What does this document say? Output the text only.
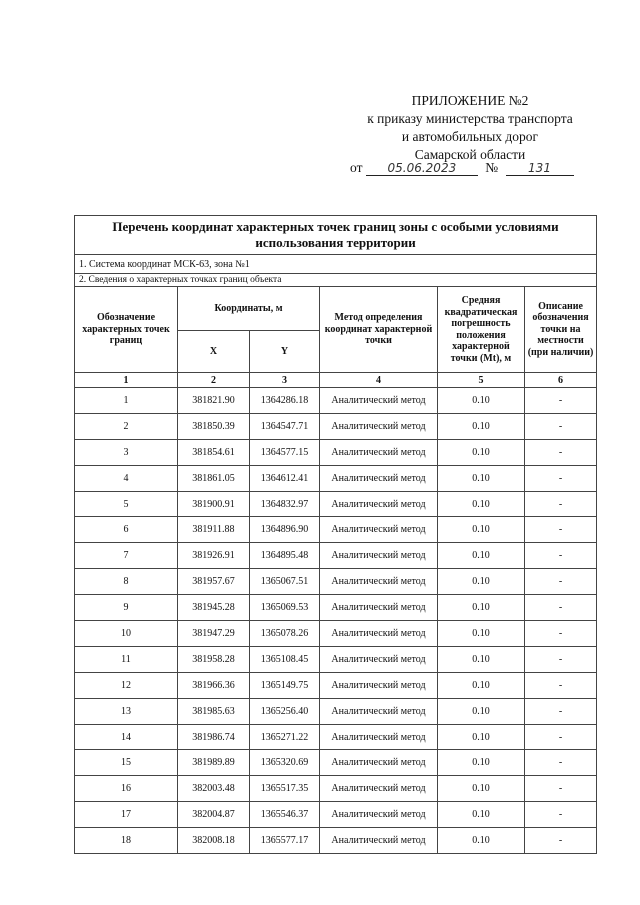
ПРИЛОЖЕНИЕ №2
к приказу министерства транспорта
и автомобильных дорог
Самарской области
от 05.06.2023 № 131
Перечень координат характерных точек границ зоны с особыми условиями использования территории					
1. Система координат МСК-63, зона №1					
2. Сведения о характерных точках границ объекта					
Обозначение характерных точек границ	Координаты, м		Метод определения координат характерной точки	Средняя квадратическая погрешность положения характерной точки (Mt), м	Описание обозначения точки на местности (при наличии)
	X	Y			
1	2	3	4	5	6
1	381821.90	1364286.18	Аналитический метод	0.10	-
2	381850.39	1364547.71	Аналитический метод	0.10	-
3	381854.61	1364577.15	Аналитический метод	0.10	-
4	381861.05	1364612.41	Аналитический метод	0.10	-
5	381900.91	1364832.97	Аналитический метод	0.10	-
6	381911.88	1364896.90	Аналитический метод	0.10	-
7	381926.91	1364895.48	Аналитический метод	0.10	-
8	381957.67	1365067.51	Аналитический метод	0.10	-
9	381945.28	1365069.53	Аналитический метод	0.10	-
10	381947.29	1365078.26	Аналитический метод	0.10	-
11	381958.28	1365108.45	Аналитический метод	0.10	-
12	381966.36	1365149.75	Аналитический метод	0.10	-
13	381985.63	1365256.40	Аналитический метод	0.10	-
14	381986.74	1365271.22	Аналитический метод	0.10	-
15	381989.89	1365320.69	Аналитический метод	0.10	-
16	382003.48	1365517.35	Аналитический метод	0.10	-
17	382004.87	1365546.37	Аналитический метод	0.10	-
18	382008.18	1365577.17	Аналитический метод	0.10	-
